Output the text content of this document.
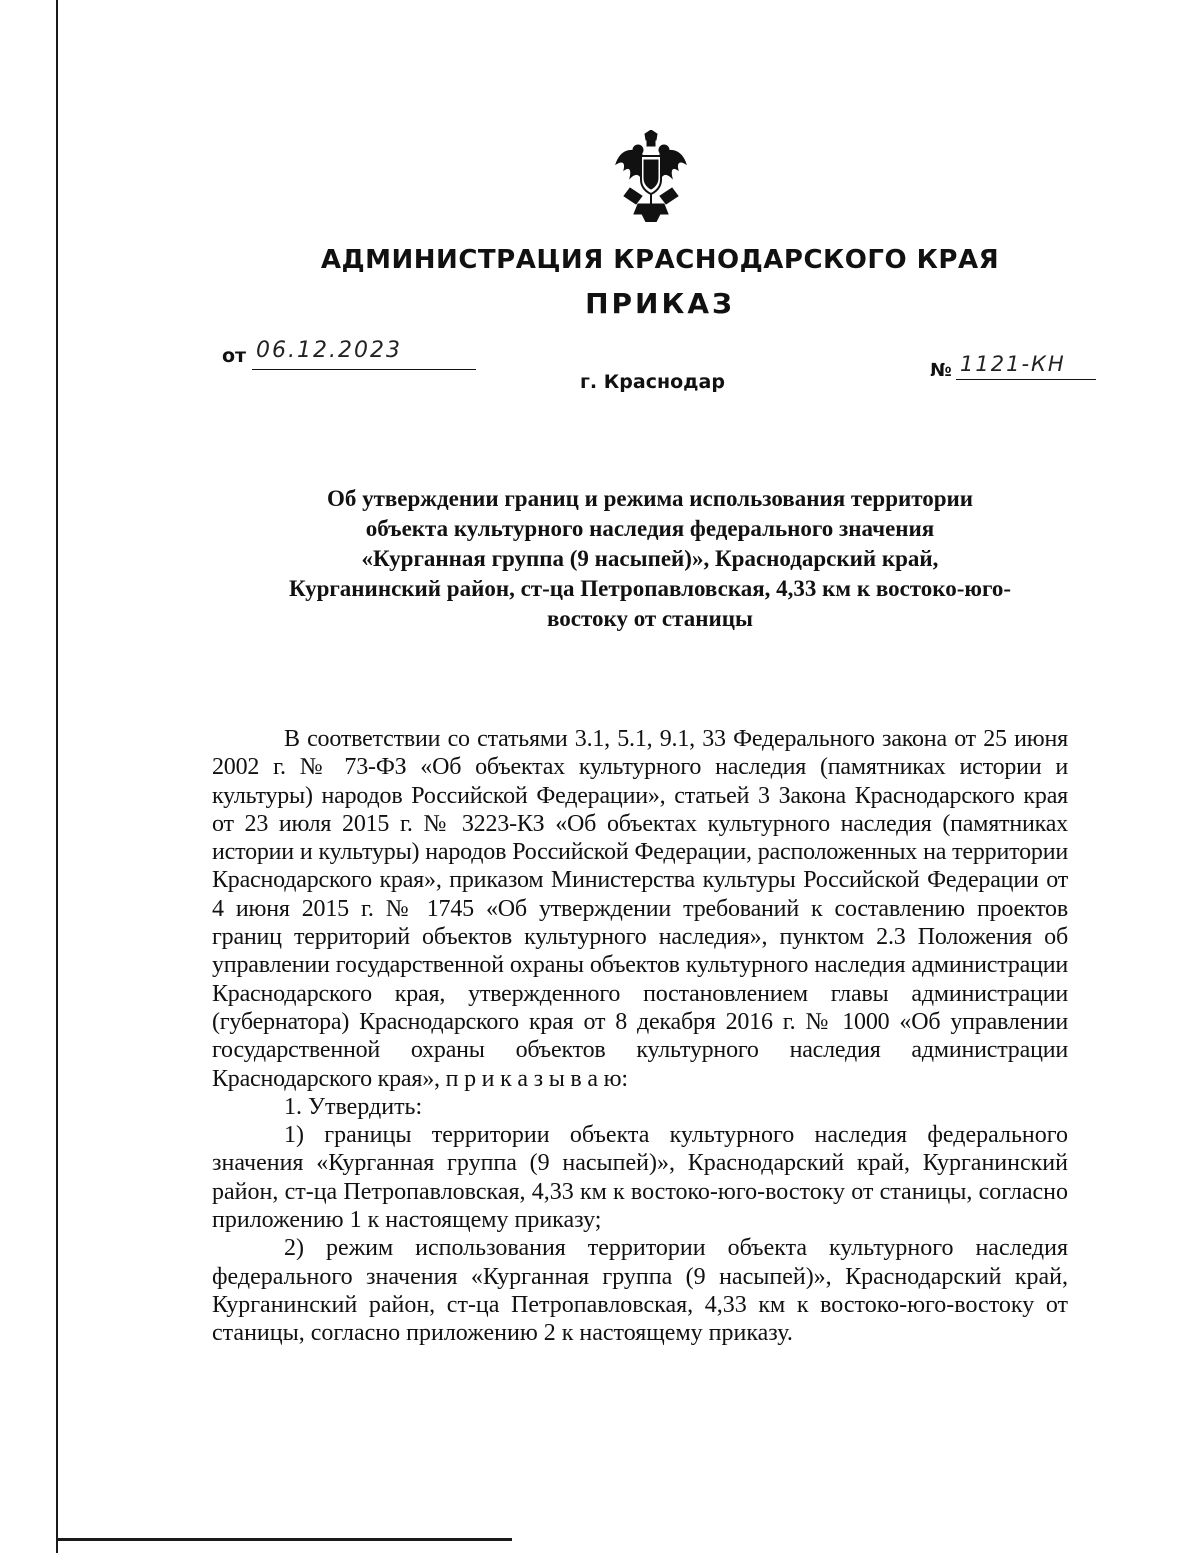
АДМИНИСТРАЦИЯ КРАСНОДАРСКОГО КРАЯ
ПРИКАЗ
от 06.12.2023
г. Краснодар
№ 1121-КН
Об утверждении границ и режима использования территории
объекта культурного наследия федерального значения
«Курганная группа (9 насыпей)», Краснодарский край,
Курганинский район, ст-ца Петропавловская, 4,33 км к востоко-юго-
востоку от станицы

В соответствии со статьями 3.1, 5.1, 9.1, 33 Федерального закона от 25 июня 2002 г. № 73-ФЗ «Об объектах культурного наследия (памятниках истории и культуры) народов Российской Федерации», статьей 3 Закона Краснодарского края от 23 июля 2015 г. № 3223-КЗ «Об объектах культурного наследия (памятниках истории и культуры) народов Российской Федерации, расположенных на территории Краснодарского края», приказом Министерства культуры Российской Федерации от 4 июня 2015 г. № 1745 «Об утверждении требований к составлению проектов границ территорий объектов культурного наследия», пунктом 2.3 Положения об управлении государственной охраны объектов культурного наследия администрации Краснодарского края, утвержденного постановлением главы администрации (губернатора) Краснодарского края от 8 декабря 2016 г. № 1000 «Об управлении государственной охраны объектов культурного наследия администрации Краснодарского края», п р и к а з ы в а ю:

1. Утвердить:

1) границы территории объекта культурного наследия федерального значения «Курганная группа (9 насыпей)», Краснодарский край, Курганинский район, ст-ца Петропавловская, 4,33 км к востоко-юго-востоку от станицы, согласно приложению 1 к настоящему приказу;

2) режим использования территории объекта культурного наследия федерального значения «Курганная группа (9 насыпей)», Краснодарский край, Курганинский район, ст-ца Петропавловская, 4,33 км к востоко-юго-востоку от станицы, согласно приложению 2 к настоящему приказу.
